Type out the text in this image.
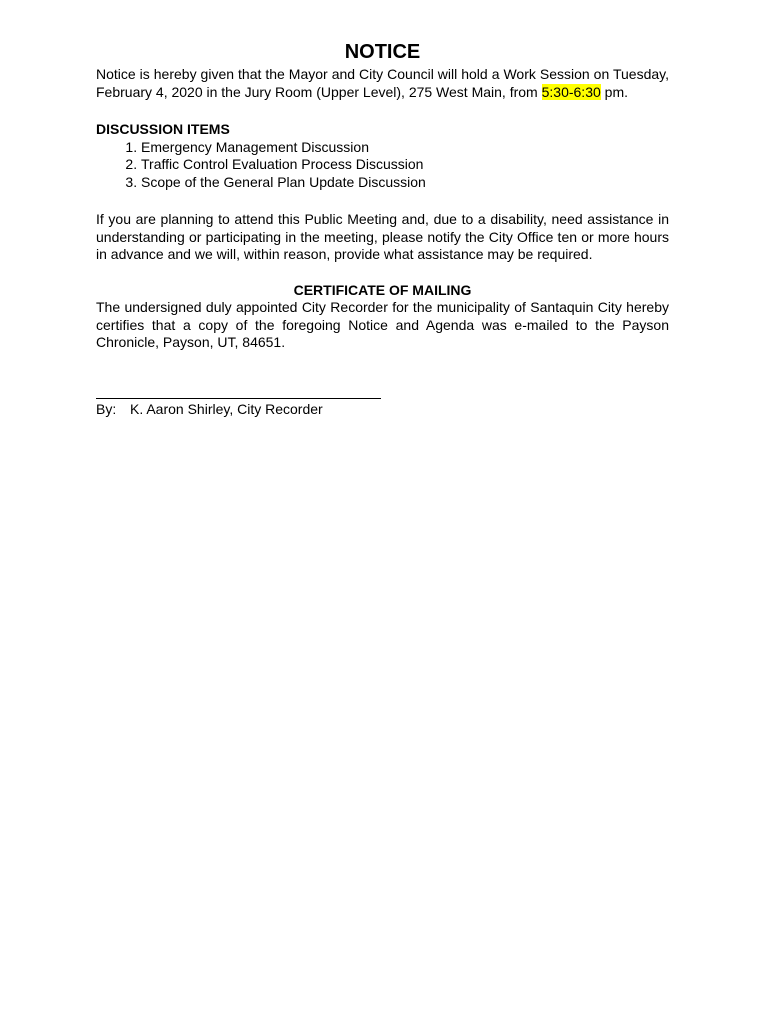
NOTICE

Notice is hereby given that the Mayor and City Council will hold a Work Session on Tuesday, February 4, 2020 in the Jury Room (Upper Level), 275 West Main, from 5:30-6:30 pm.

DISCUSSION ITEMS
1. Emergency Management Discussion
2. Traffic Control Evaluation Process Discussion
3. Scope of the General Plan Update Discussion

If you are planning to attend this Public Meeting and, due to a disability, need assistance in understanding or participating in the meeting, please notify the City Office ten or more hours in advance and we will, within reason, provide what assistance may be required.

CERTIFICATE OF MAILING

The undersigned duly appointed City Recorder for the municipality of Santaquin City hereby certifies that a copy of the foregoing Notice and Agenda was e-mailed to the Payson Chronicle, Payson, UT, 84651.

By: K. Aaron Shirley, City Recorder
